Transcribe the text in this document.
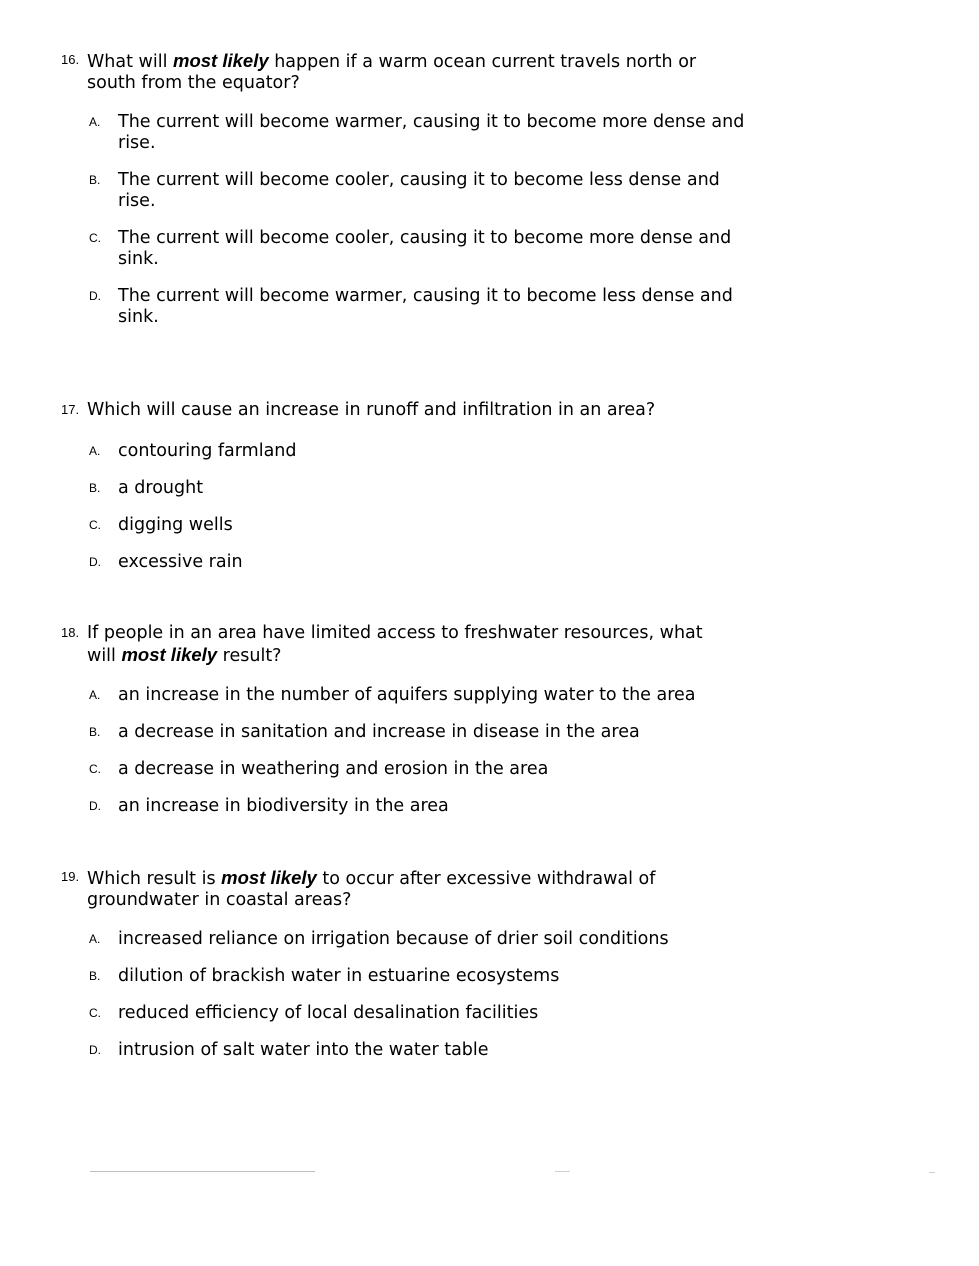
16. What will most likely happen if a warm ocean current travels north or
south from the equator?

A. The current will become warmer, causing it to become more dense and
rise.
B. The current will become cooler, causing it to become less dense and
rise.
C. The current will become cooler, causing it to become more dense and
sink.
D. The current will become warmer, causing it to become less dense and
sink.
17. Which will cause an increase in runoff and infiltration in an area?

A. contouring farmland
B. a drought
C. digging wells
D. excessive rain
18. If people in an area have limited access to freshwater resources, what
will most likely result?

A. an increase in the number of aquifers supplying water to the area
B. a decrease in sanitation and increase in disease in the area
C. a decrease in weathering and erosion in the area
D. an increase in biodiversity in the area
19. Which result is most likely to occur after excessive withdrawal of
groundwater in coastal areas?

A. increased reliance on irrigation because of drier soil conditions
B. dilution of brackish water in estuarine ecosystems
C. reduced efficiency of local desalination facilities
D. intrusion of salt water into the water table
